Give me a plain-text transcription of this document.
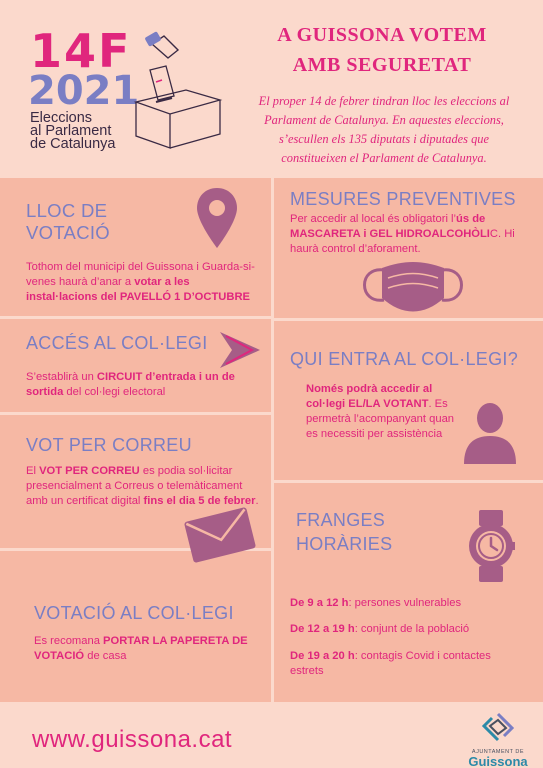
14F
2021
Eleccions
al Parlament
de Catalunya
A GUISSONA VOTEM
AMB SEGURETAT
El proper 14 de febrer tindran lloc les eleccions al Parlament de Catalunya. En aquestes eleccions, s’escullen els 135 diputats i diputades que constitueixen el Parlament de Catalunya.
LLOC DE
VOTACIÓ
Tothom del municipi del Guissona i Guarda-si-venes haurà d’anar a votar a les instal·lacions del PAVELLÓ 1 D’OCTUBRE
MESURES PREVENTIVES
Per accedir al local és obligatori l’ús de MASCARETA i GEL HIDROALCOHÒLIC. Hi haurà control d’aforament.
ACCÉS AL COL·LEGI
S’establirà un CIRCUIT d’entrada i un de sortida del col·legi electoral
QUI ENTRA AL COL·LEGI?
Només podrà accedir al col·legi EL/LA VOTANT. Es permetrà l’acompanyant quan es necessiti per assistència
VOT PER CORREU
El VOT PER CORREU es podia sol·licitar presencialment a Correus o telemàticament amb un certificat digital fins el dia 5 de febrer.
FRANGES
HORÀRIES
De 9 a 12 h: persones vulnerables
De 12 a 19 h: conjunt de la població
De 19 a 20 h: contagis Covid i contactes estrets
VOTACIÓ AL COL·LEGI
Es recomana PORTAR LA PAPERETA DE VOTACIÓ de casa
www.guissona.cat	AJUNTAMENT DE
Guissona
